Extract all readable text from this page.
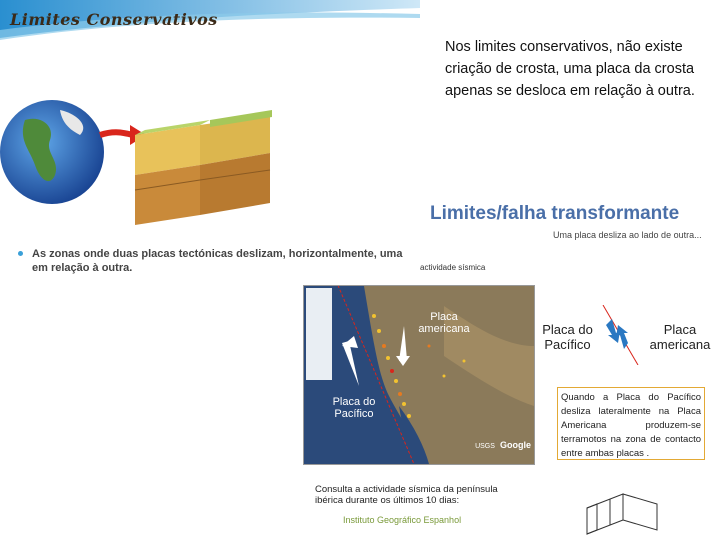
Limites Conservativos
Nos limites conservativos, não existe criação de crosta, uma placa da crosta apenas se desloca em relação à outra.
As zonas onde duas placas tectónicas deslizam, horizontalmente, uma em relação à outra.
Limites/falha transformante
Uma placa desliza ao lado de outra...
actividade sísmica
Placa americana
Placa do Pacífico
USGS Google
Placa do Pacífico
Placa americana
Quando a Placa do Pacífico desliza lateralmente na Placa Americana produzem-se terramotos na zona de contacto entre ambas placas .
Consulta a actividade sísmica da península ibérica durante os últimos 10 dias:
Instituto Geográfico Espanhol
